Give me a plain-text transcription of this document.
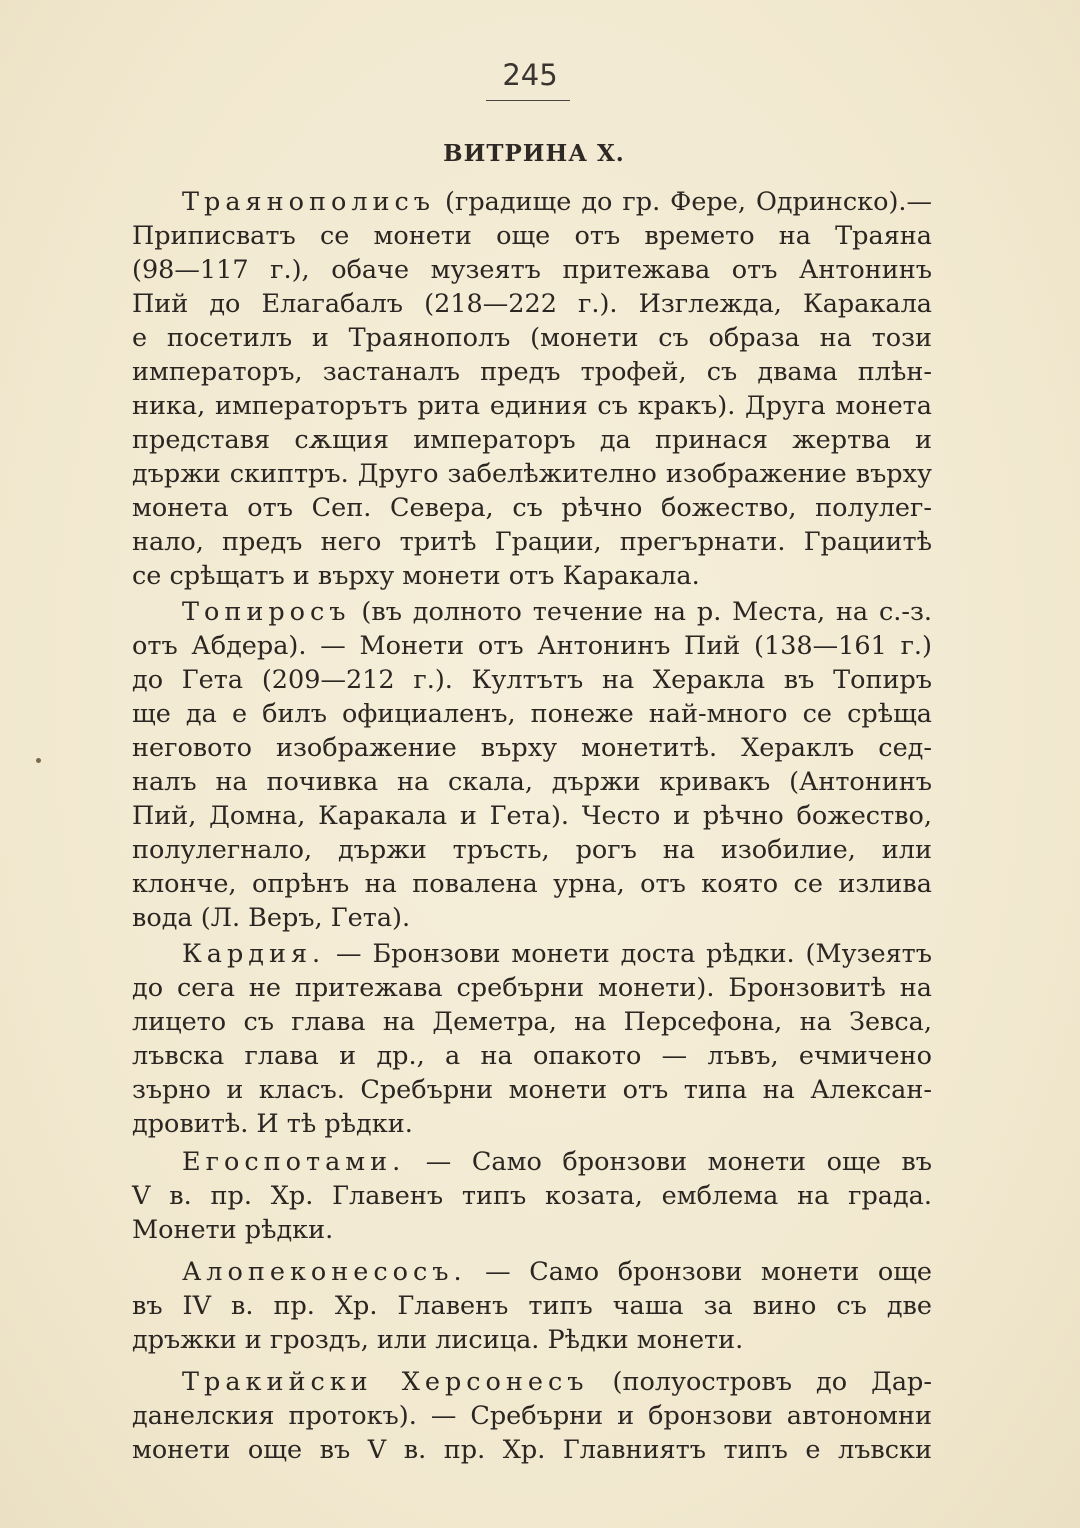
245
ВИТРИНА X.
Траянополисъ (градище до гр. Фере, Одринско).—
Приписватъ се монети още отъ времето на Траяна
(98—117 г.), обаче музеятъ притежава отъ Антонинъ
Пий до Елагабалъ (218—222 г.). Изглежда, Каракала
е посетилъ и Траянополъ (монети съ образа на този
императоръ, застаналъ предъ трофей, съ двама плѣн-
ника, императорътъ рита единия съ кракъ). Друга монета
представя сѫщия императоръ да принася жертва и
държи скиптръ. Друго забелѣжително изображение върху
монета отъ Сеп. Севера, съ рѣчно божество, полулег-
нало, предъ него тритѣ Грации, прегърнати. Грациитѣ
се срѣщатъ и върху монети отъ Каракала.
Топиросъ (въ долното течение на р. Места, на с.-з.
отъ Абдера). — Монети отъ Антонинъ Пий (138—161 г.)
до Гета (209—212 г.). Култътъ на Херакла въ Топиръ
ще да е билъ официаленъ, понеже най-много се срѣща
неговото изображение върху монетитѣ. Хераклъ сед-
налъ на почивка на скала, държи кривакъ (Антонинъ
Пий, Домна, Каракала и Гета). Често и рѣчно божество,
полулегнало, държи тръсть, рогъ на изобилие, или
клонче, опрѣнъ на повалена урна, отъ която се излива
вода (Л. Веръ, Гета).
Кардия. — Бронзови монети доста рѣдки. (Музеятъ
до сега не притежава сребърни монети). Бронзовитѣ на
лицето съ глава на Деметра, на Персефона, на Зевса,
лъвска глава и др., а на опакото — лъвъ, ечмичено
зърно и класъ. Сребърни монети отъ типа на Алексан-
дровитѣ. И тѣ рѣдки.
Егоспотами. — Само бронзови монети още въ
V в. пр. Хр. Главенъ типъ козата, емблема на града.
Монети рѣдки.
Алопеконесосъ. — Само бронзови монети още
въ IV в. пр. Хр. Главенъ типъ чаша за вино съ две
дръжки и гроздъ, или лисица. Рѣдки монети.
Тракийски Херсонесъ (полуостровъ до Дар-
данелския протокъ). — Сребърни и бронзови автономни
монети още въ V в. пр. Хр. Главниятъ типъ е лъвски
